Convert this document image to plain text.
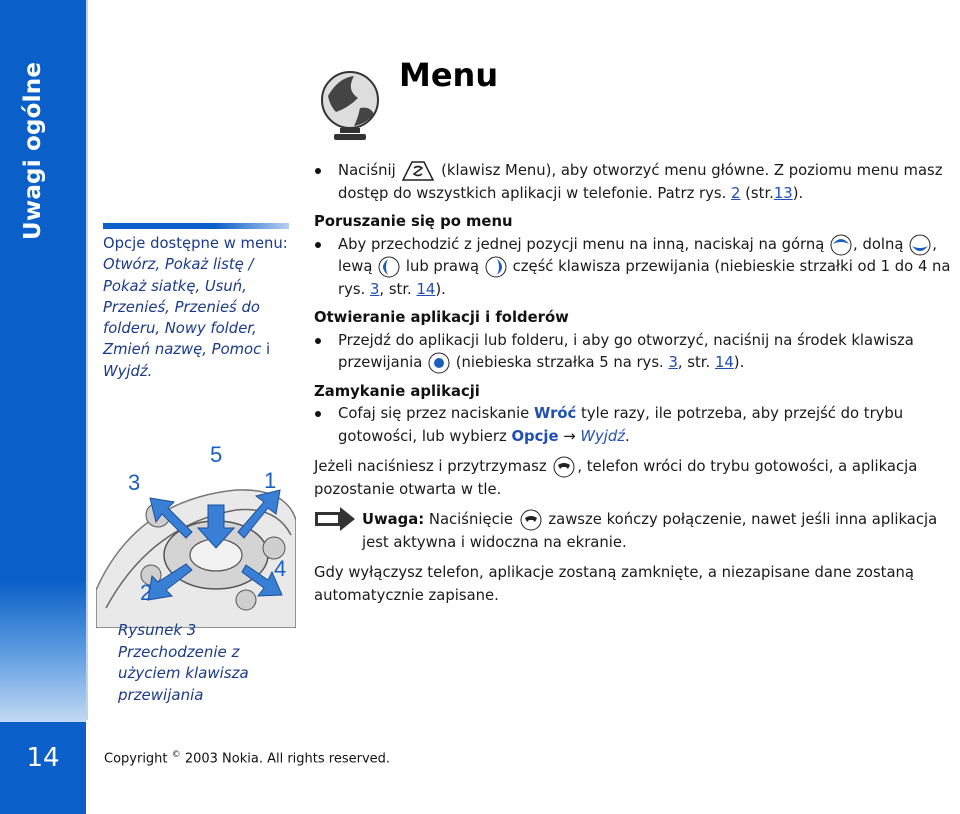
Uwagi ogólne
14
Opcje dostępne w menu:
Otwórz, Pokaż listę / Pokaż siatkę, Usuń, Przenieś, Przenieś do folderu, Nowy folder, Zmień nazwę, Pomoc i Wyjdź.
3
5
1
2
4
Rysunek 3 Przechodzenie z użyciem klawisza przewijania
Menu

Naciśnij	(klawisz Menu), aby otworzyć menu główne. Z poziomu menu masz dostęp do wszystkich aplikacji w telefonie. Patrz rys. 2 (str.13).

Poruszanie się po menu

Aby przechodzić z jednej pozycji menu na inną, naciskaj na górną , dolną , lewą lub prawą część klawisza przewijania (niebieskie strzałki od 1 do 4 na rys. 3, str. 14).

Otwieranie aplikacji i folderów

Przejdź do aplikacji lub folderu, i aby go otworzyć, naciśnij na środek klawisza przewijania (niebieska strzałka 5 na rys. 3, str. 14).

Zamykanie aplikacji

Cofaj się przez naciskanie Wróć tyle razy, ile potrzeba, aby przejść do trybu gotowości, lub wybierz Opcje → Wyjdź.

Jeżeli naciśniesz i przytrzymasz , telefon wróci do trybu gotowości, a aplikacja pozostanie otwarta w tle.

Uwaga: Naciśnięcie zawsze kończy połączenie, nawet jeśli inna aplikacja jest aktywna i widoczna na ekranie.

Gdy wyłączysz telefon, aplikacje zostaną zamknięte, a niezapisane dane zostaną automatycznie zapisane.

Copyright © 2003 Nokia. All rights reserved.
